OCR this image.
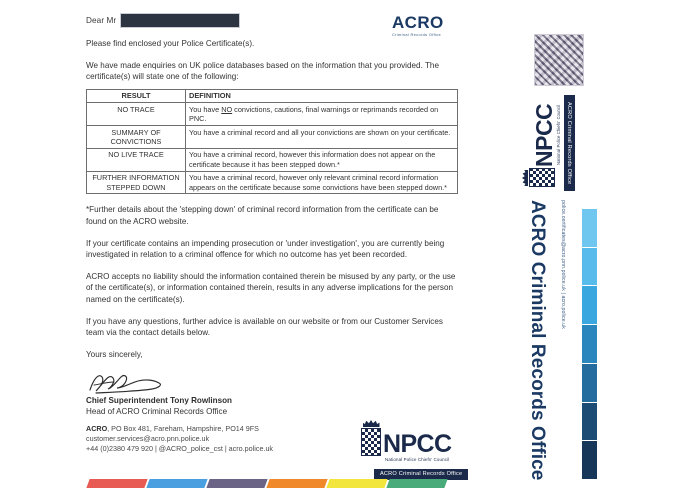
ACRO
Criminal Records Office
Dear Mr

Please find enclosed your Police Certificate(s).

We have made enquiries on UK police databases based on the information that you provided. The certificate(s) will state one of the following:

RESULT	DEFINITION
NO TRACE	You have NO convictions, cautions, final warnings or reprimands recorded on PNC.
SUMMARY OF CONVICTIONS	You have a criminal record and all your convictions are shown on your certificate.
NO LIVE TRACE	You have a criminal record, however this information does not appear on the certificate because it has been stepped down.*
FURTHER INFORMATION STEPPED DOWN	You have a criminal record, however only relevant criminal record information appears on the certificate because some convictions have been stepped down.*

*Further details about the 'stepping down' of criminal record information from the certificate can be found on the ACRO website.

If your certificate contains an impending prosecution or 'under investigation', you are currently being investigated in relation to a criminal offence for which no outcome has yet been recorded.

ACRO accepts no liability should the information contained therein be misused by any party, or the use of the certificate(s), or information contained therein, results in any adverse implications for the person named on the certificate(s).

If you have any questions, further advice is available on our website or from our Customer Services team via the contact details below.

Yours sincerely,

Chief Superintendent Tony Rowlinson
Head of ACRO Criminal Records Office
ACRO, PO Box 481, Fareham, Hampshire, PO14 9FS
customer.services@acro.pnn.police.uk
+44 (0)2380 479 920 | @ACRO_police_cst | acro.police.uk	NPCC
National Police Chiefs' Council
ACRO Criminal Records Office
NPCC National Police Chiefs' Council ACRO Criminal Records Office
ACRO Criminal Records Office police.certificates@acro.pnn.police.uk | acro.police.uk
